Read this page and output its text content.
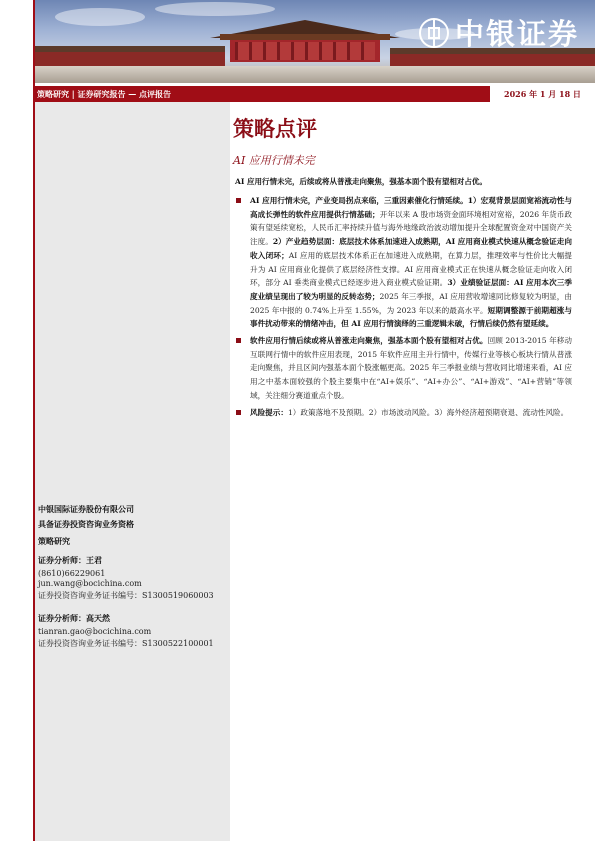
中银证券
策略研究 | 证券研究报告 — 点评报告	2026 年 1 月 18 日
中银国际证券股份有限公司
具备证券投资咨询业务资格
策略研究
证券分析师：王君
(8610)66229061
jun.wang@bocichina.com
证券投资咨询业务证书编号：S1300519060003
证券分析师：高天然
tianran.gao@bocichina.com
证券投资咨询业务证书编号：S1300522100001
策略点评
AI 应用行情未完
AI 应用行情未完，后续或将从普涨走向聚焦，强基本面个股有望相对占优。
AI 应用行情未完，产业变局拐点来临，三重因素催化行情延续。1）宏观背景层面宽裕流动性与高成长弹性的软件应用提供行情基础；开年以来 A 股市场资金面环境相对宽裕，2026 年货币政策有望延续宽松，人民币汇率持续升值与海外地缘政治波动增加提升全球配置资金对中国资产关注度。2）产业趋势层面：底层技术体系加速进入成熟期，AI 应用商业模式快速从概念验证走向收入闭环；AI 应用的底层技术体系正在加速进入成熟期，在算力层，推理效率与性价比大幅提升为 AI 应用商业化提供了底层经济性支撑。AI 应用商业模式正在快速从概念验证走向收入闭环，部分 AI 垂类商业模式已经逐步进入商业模式验证期。3）业绩验证层面：AI 应用本次三季度业绩呈现出了较为明显的反转态势；2025 年三季报，AI 应用营收增速同比修复较为明显，由 2025 年中报的 0.74%上升至 1.55%，为 2023 年以来的最高水平。短期调整源于前期超涨与事件扰动带来的情绪冲击，但 AI 应用行情演绎的三重逻辑未破，行情后续仍然有望延续。
软件应用行情后续或将从普涨走向聚焦，强基本面个股有望相对占优。回顾 2013-2015 年移动互联网行情中的软件应用表现，2015 年软件应用主升行情中，传媒行业等核心板块行情从普涨走向聚焦，并且区间内强基本面个股涨幅更高。2025 年三季报业绩与营收同比增速来看，AI 应用之中基本面较强的个股主要集中在“AI+娱乐”、“AI+办公”、“AI+游戏”、“AI+营销”等领域，关注细分赛道重点个股。
风险提示：1）政策落地不及预期。2）市场波动风险。3）海外经济超预期衰退、流动性风险。
